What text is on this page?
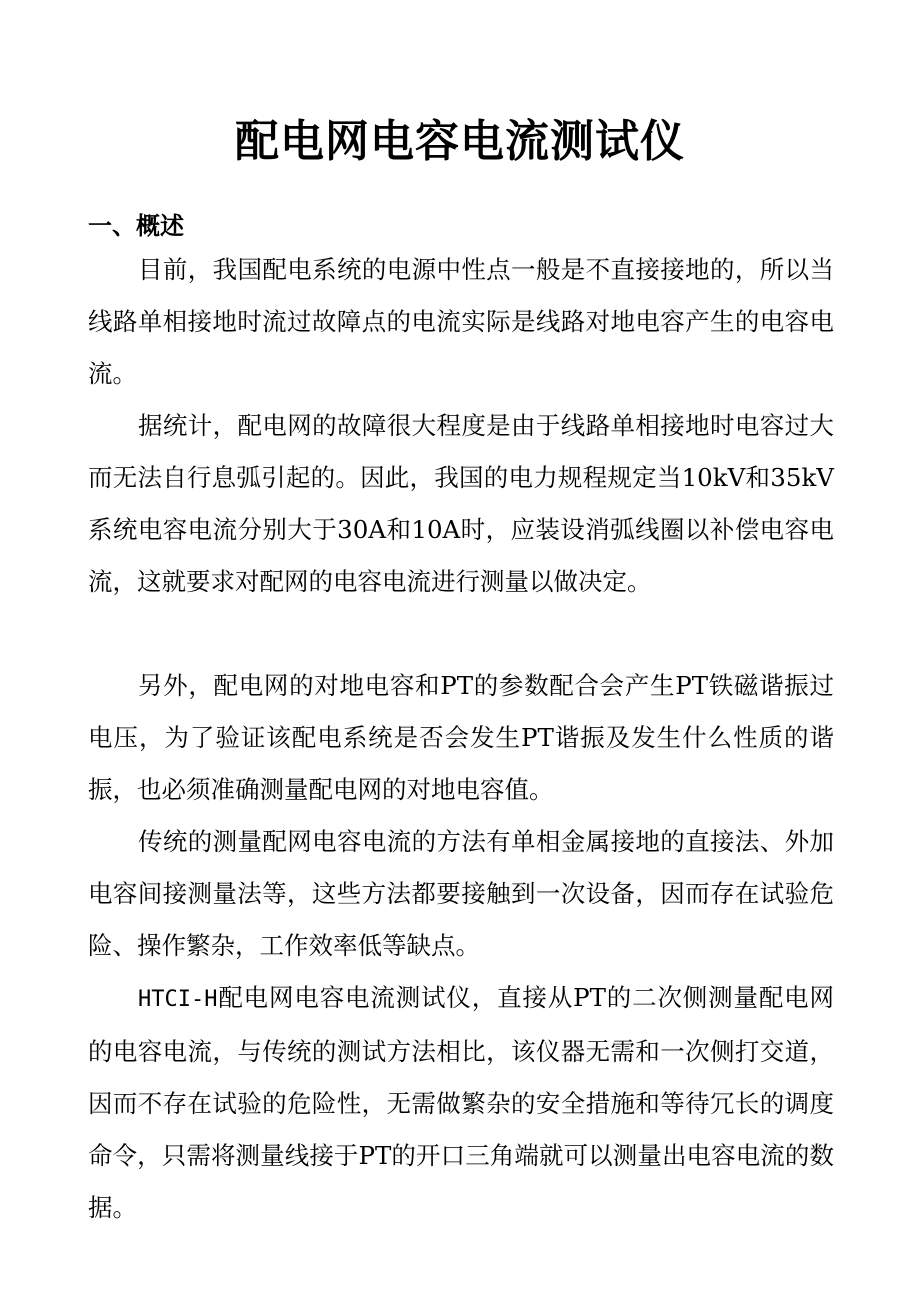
配电网电容电流测试仪
一、概述

目前，我国配电系统的电源中性点一般是不直接接地的，所以当线路单相接地时流过故障点的电流实际是线路对地电容产生的电容电流。

据统计，配电网的故障很大程度是由于线路单相接地时电容过大而无法自行息弧引起的。因此，我国的电力规程规定当10kV和35kV系统电容电流分别大于30A和10A时，应装设消弧线圈以补偿电容电流，这就要求对配网的电容电流进行测量以做决定。

另外，配电网的对地电容和PT的参数配合会产生PT铁磁谐振过电压，为了验证该配电系统是否会发生PT谐振及发生什么性质的谐振，也必须准确测量配电网的对地电容值。

传统的测量配网电容电流的方法有单相金属接地的直接法、外加电容间接测量法等，这些方法都要接触到一次设备，因而存在试验危险、操作繁杂，工作效率低等缺点。

HTCI-H配电网电容电流测试仪，直接从PT的二次侧测量配电网的电容电流，与传统的测试方法相比，该仪器无需和一次侧打交道，因而不存在试验的危险性，无需做繁杂的安全措施和等待冗长的调度命令，只需将测量线接于PT的开口三角端就可以测量出电容电流的数据。
